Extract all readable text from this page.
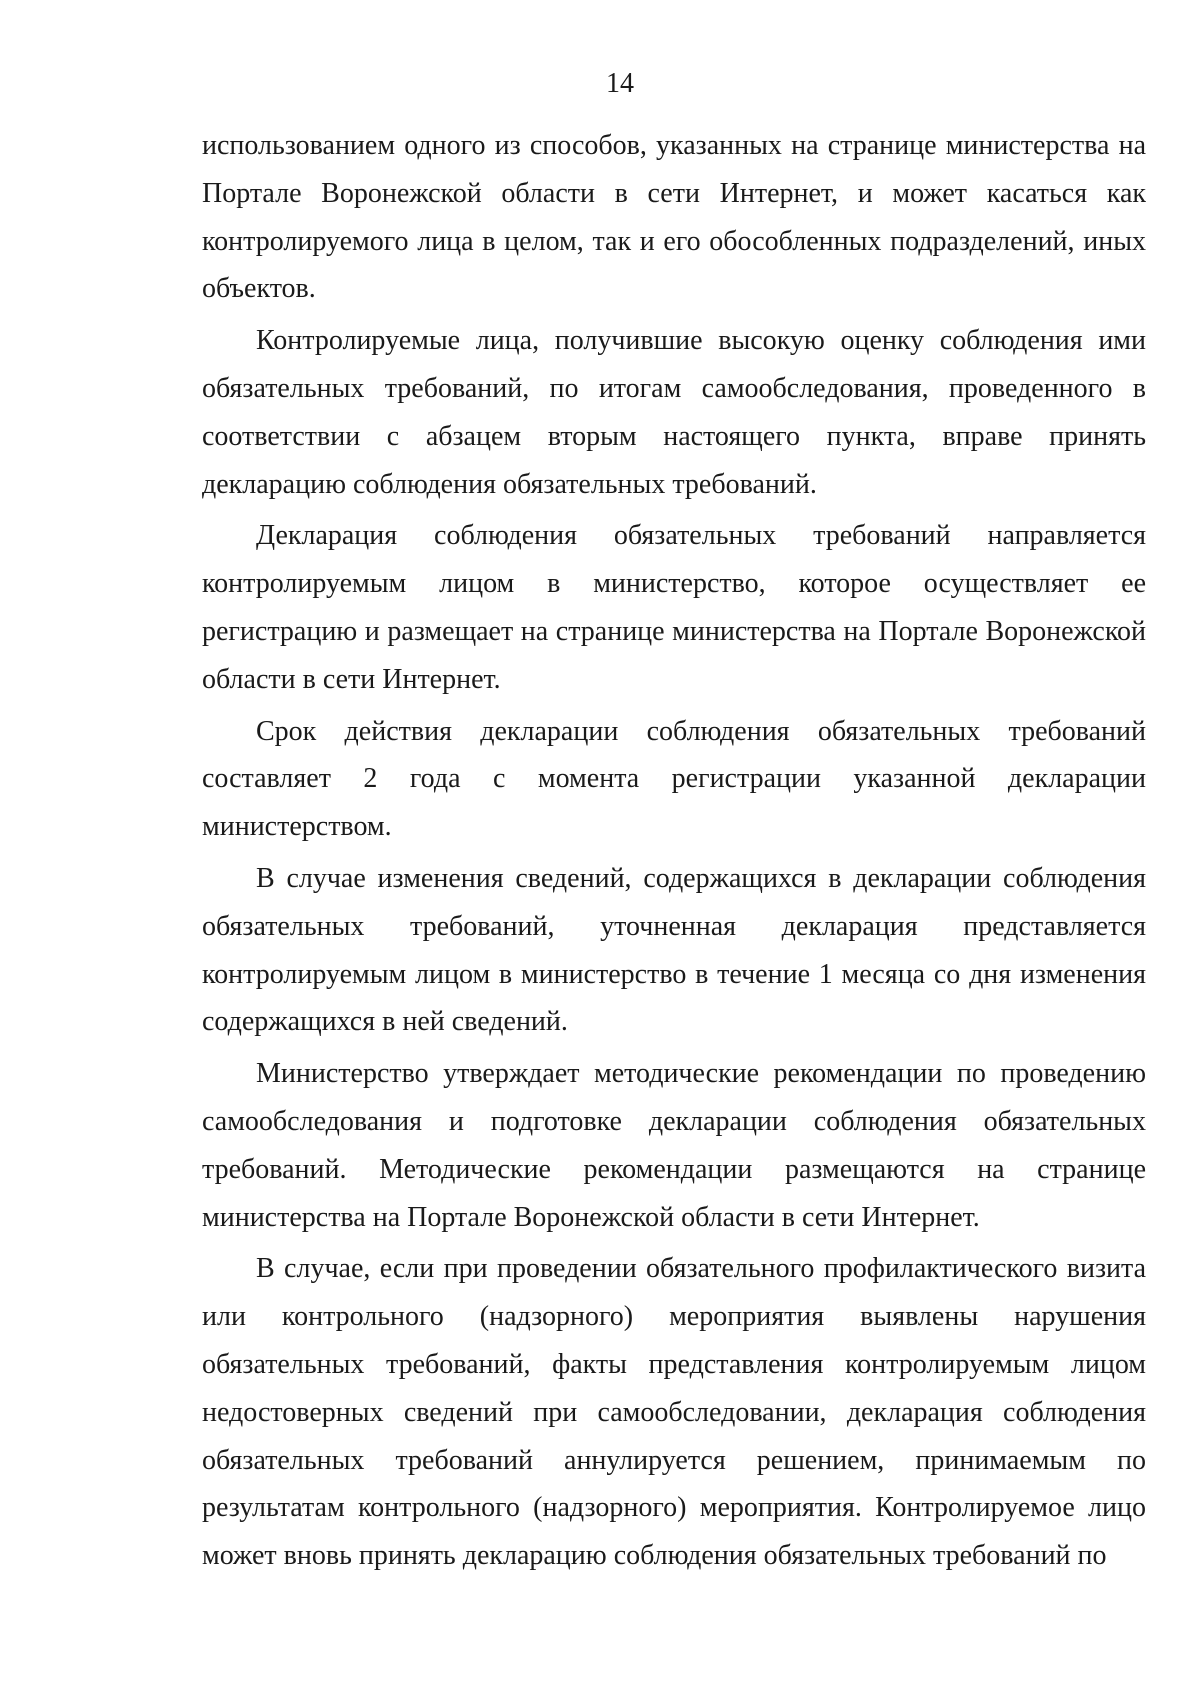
14

использованием одного из способов, указанных на странице министерства на Портале Воронежской области в сети Интернет, и может касаться как контролируемого лица в целом, так и его обособленных подразделений, иных объектов.

Контролируемые лица, получившие высокую оценку соблюдения ими обязательных требований, по итогам самообследования, проведенного в соответствии с абзацем вторым настоящего пункта, вправе принять декларацию соблюдения обязательных требований.

Декларация соблюдения обязательных требований направляется контролируемым лицом в министерство, которое осуществляет ее регистрацию и размещает на странице министерства на Портале Воронежской области в сети Интернет.

Срок действия декларации соблюдения обязательных требований составляет 2 года с момента регистрации указанной декларации министерством.

В случае изменения сведений, содержащихся в декларации соблюдения обязательных требований, уточненная декларация представляется контролируемым лицом в министерство в течение 1 месяца со дня изменения содержащихся в ней сведений.

Министерство утверждает методические рекомендации по проведению самообследования и подготовке декларации соблюдения обязательных требований. Методические рекомендации размещаются на странице министерства на Портале Воронежской области в сети Интернет.

В случае, если при проведении обязательного профилактического визита или контрольного (надзорного) мероприятия выявлены нарушения обязательных требований, факты представления контролируемым лицом недостоверных сведений при самообследовании, декларация соблюдения обязательных требований аннулируется решением, принимаемым по результатам контрольного (надзорного) мероприятия. Контролируемое лицо может вновь принять декларацию соблюдения обязательных требований по
